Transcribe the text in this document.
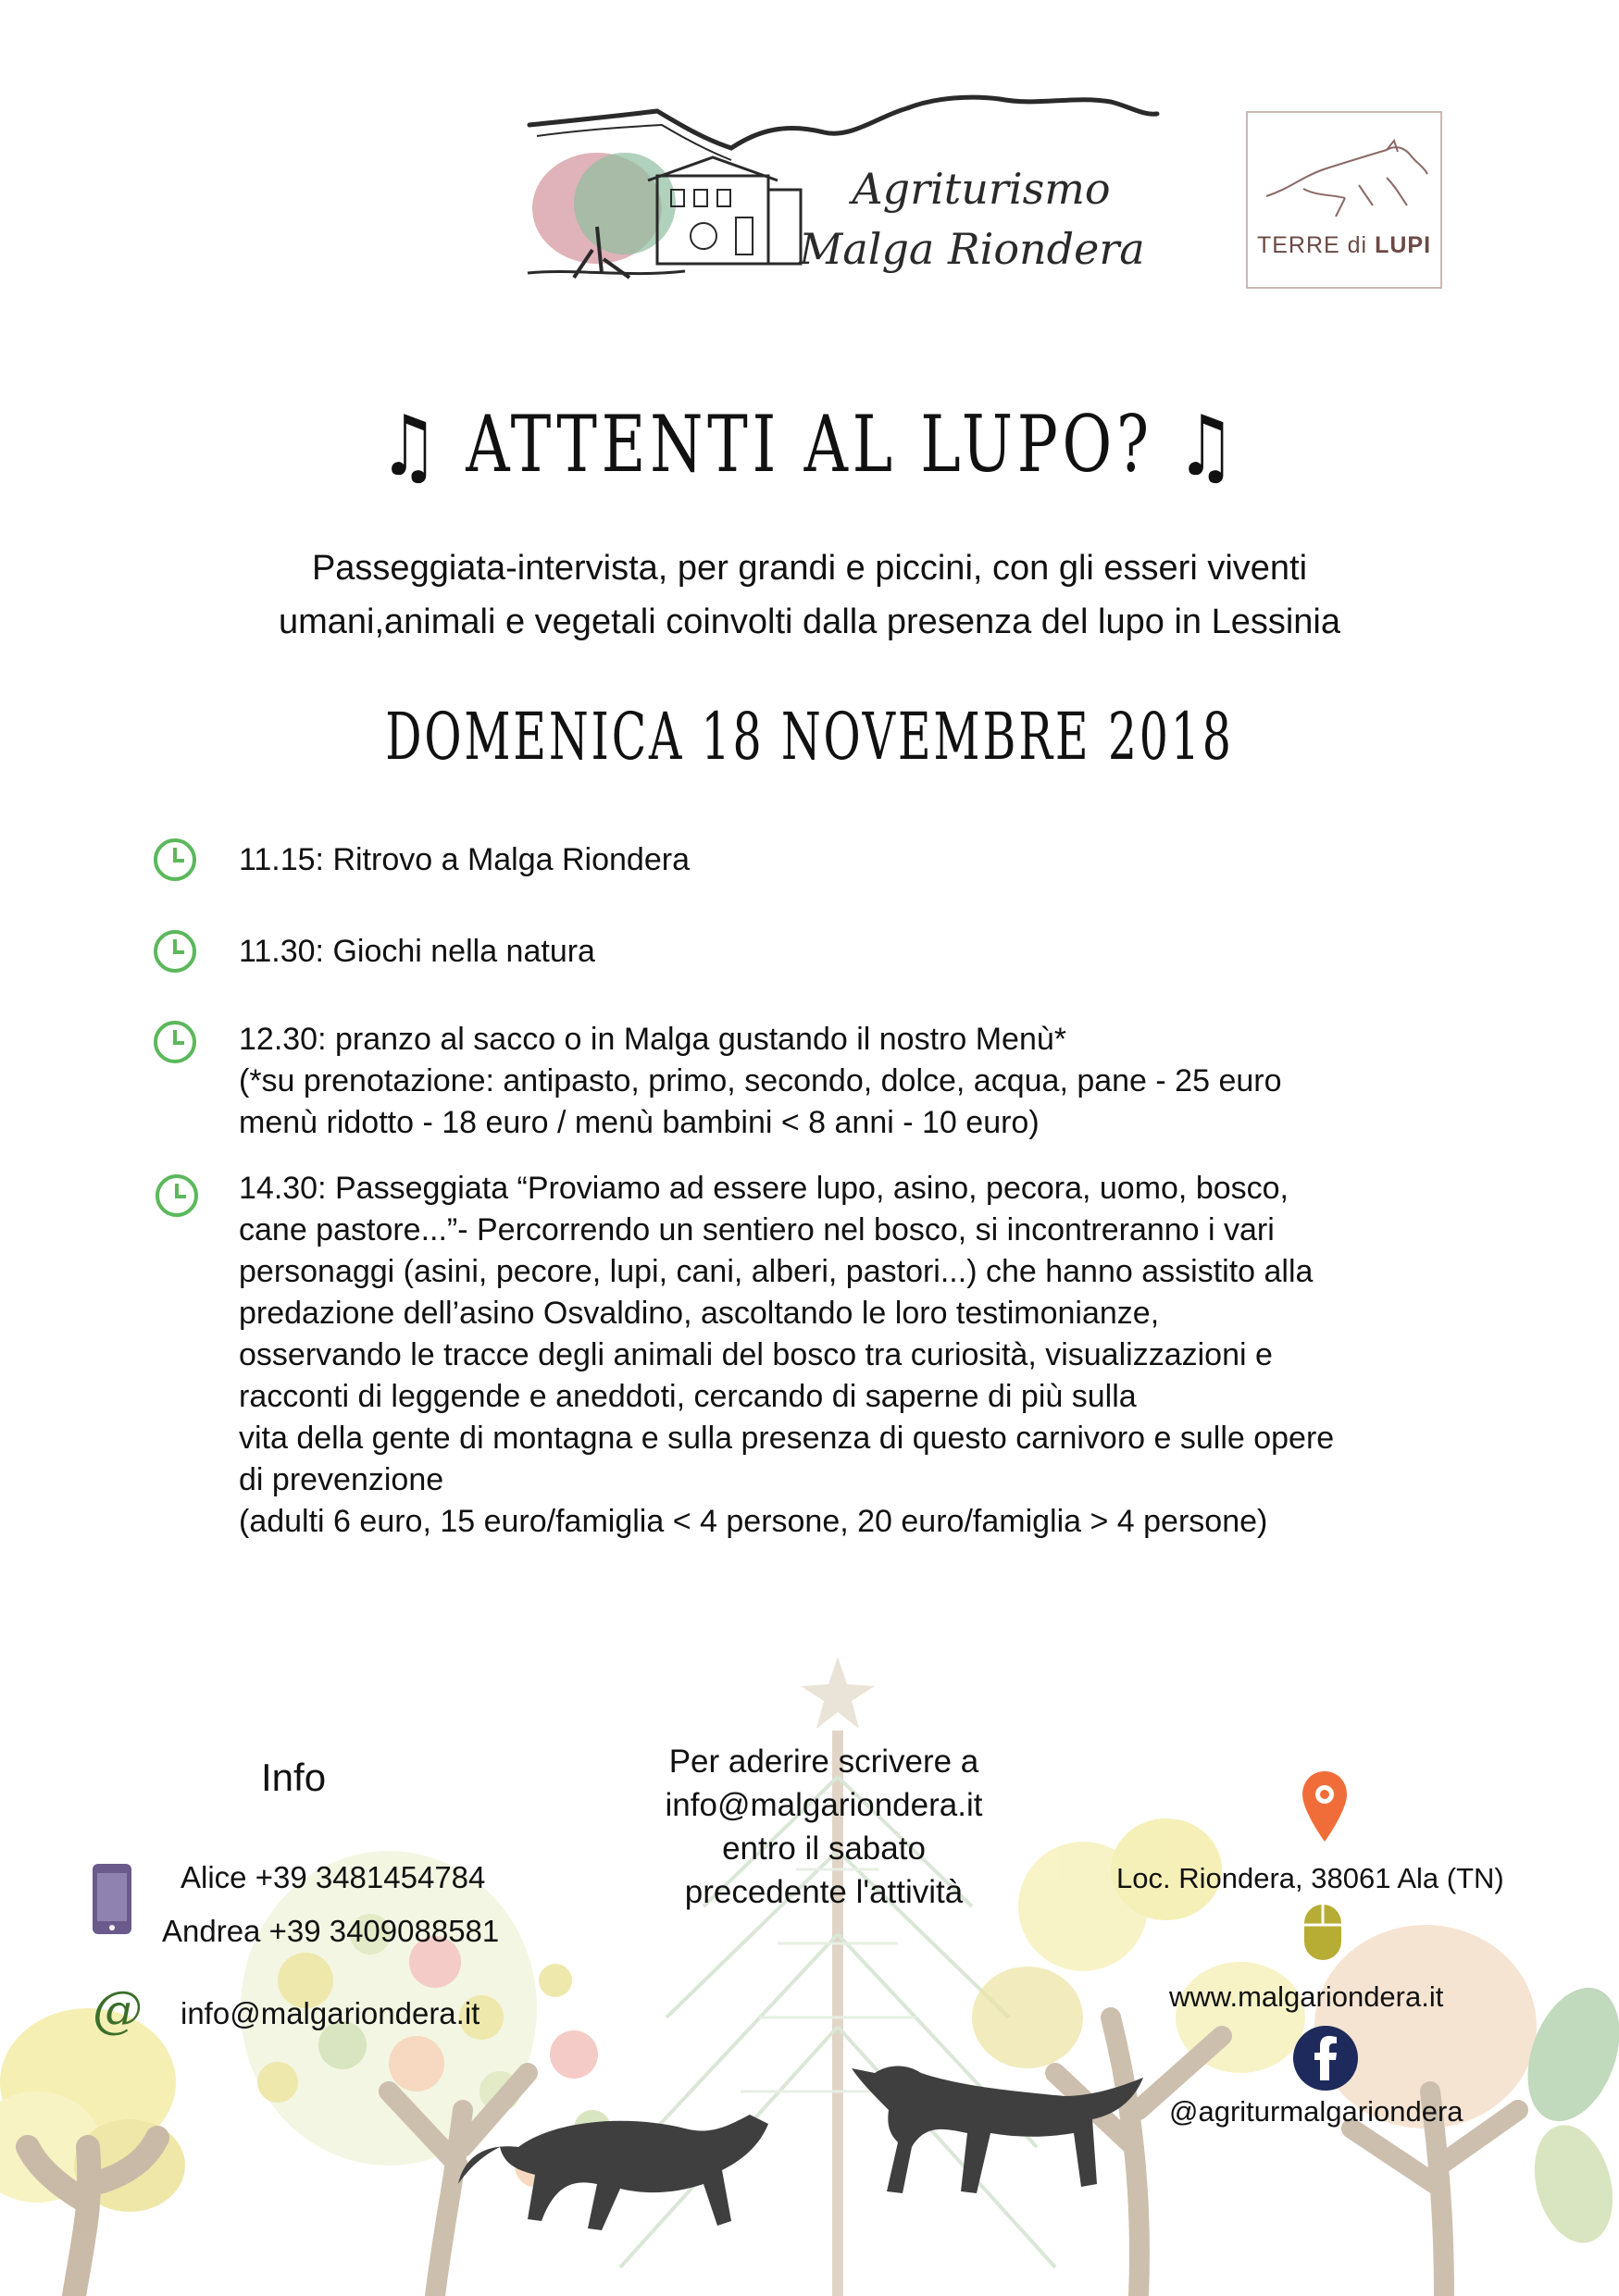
Agriturismo
Malga Riondera	TERRE di LUPI
♫ ATTENTI AL LUPO? ♫
Passeggiata-intervista, per grandi e piccini, con gli esseri viventi
umani,animali e vegetali coinvolti dalla presenza del lupo in Lessinia
DOMENICA 18 NOVEMBRE 2018
11.15: Ritrovo a Malga Riondera
11.30: Giochi nella natura
12.30: pranzo al sacco o in Malga gustando il nostro Menù*
(*su prenotazione: antipasto, primo, secondo, dolce, acqua, pane - 25 euro
menù ridotto - 18 euro / menù bambini < 8 anni - 10 euro)
14.30: Passeggiata “Proviamo ad essere lupo, asino, pecora, uomo, bosco,
cane pastore...”- Percorrendo un sentiero nel bosco, si incontreranno i vari
personaggi (asini, pecore, lupi, cani, alberi, pastori...) che hanno assistito alla
predazione dell’asino Osvaldino, ascoltando le loro testimonianze,
osservando le tracce degli animali del bosco tra curiosità, visualizzazioni e
racconti di leggende e aneddoti, cercando di saperne di più sulla
vita della gente di montagna e sulla presenza di questo carnivoro e sulle opere
di prevenzione
(adulti 6 euro, 15 euro/famiglia < 4 persone, 20 euro/famiglia > 4 persone)
Info
Alice +39 3481454784
Andrea +39 3409088581
@ info@malgariondera.it
Per aderire scrivere a
info@malgariondera.it
entro il sabato
precedente l'attività	Loc. Riondera, 38061 Ala (TN)
www.malgariondera.it
@agriturmalgariondera
